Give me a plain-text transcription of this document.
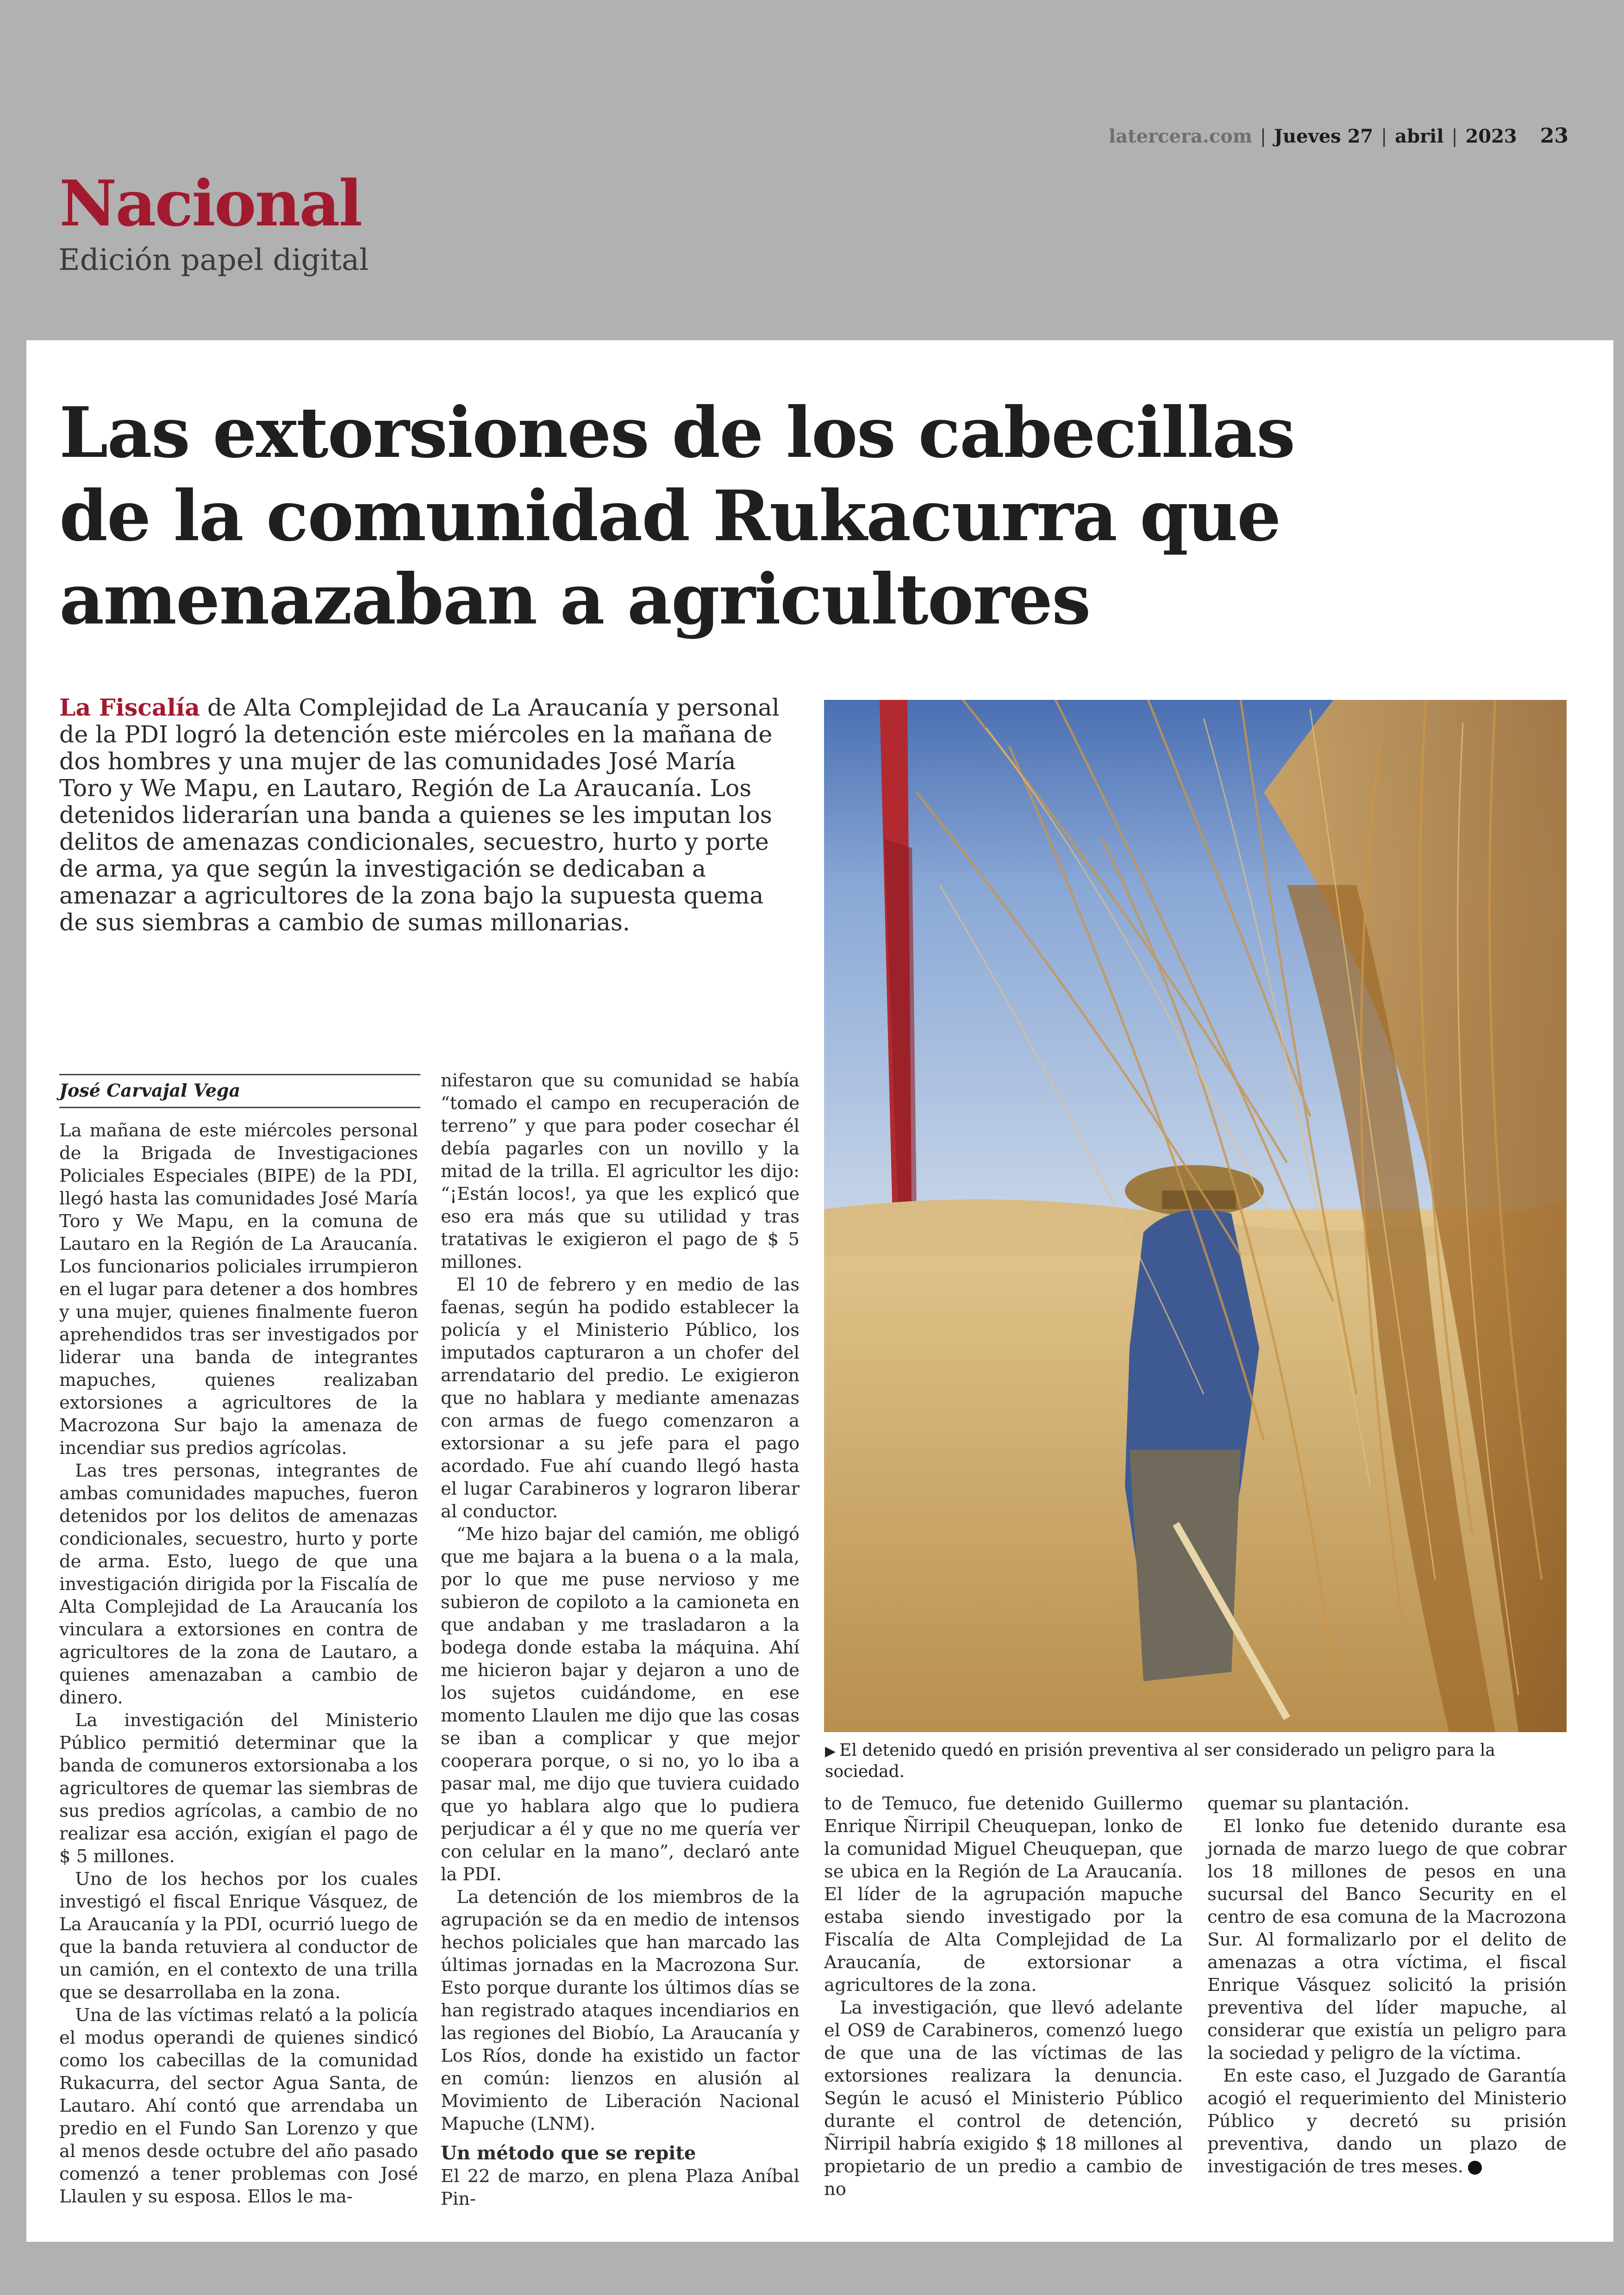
latercera.com | Jueves 27 | abril | 2023 23
Nacional
Edición papel digital
Las extorsiones de los cabecillas de la comunidad Rukacurra que amenazaban a agricultores

La Fiscalía de Alta Complejidad de La Araucanía y personal de la PDI logró la detención este miércoles en la mañana de dos hombres y una mujer de las comunidades José María Toro y We Mapu, en Lautaro, Región de La Araucanía. Los detenidos liderarían una banda a quienes se les imputan los delitos de amenazas condicionales, secuestro, hurto y porte de arma, ya que según la investigación se dedicaban a amenazar a agricultores de la zona bajo la supuesta quema de sus siembras a cambio de sumas millonarias.

▶ El detenido quedó en prisión preventiva al ser considerado un peligro para la sociedad.

José Carvajal Vega

La mañana de este miércoles personal de la Brigada de Investigaciones Policiales Especiales (BIPE) de la PDI, llegó hasta las comunidades José María Toro y We Mapu, en la comuna de Lautaro en la Región de La Araucanía. Los funcionarios policiales irrumpieron en el lugar para detener a dos hombres y una mujer, quienes finalmente fueron aprehendidos tras ser investigados por liderar una banda de integrantes mapuches, quienes realizaban extorsiones a agricultores de la Macrozona Sur bajo la amenaza de incendiar sus predios agrícolas.

Las tres personas, integrantes de ambas comunidades mapuches, fueron detenidos por los delitos de amenazas condicionales, secuestro, hurto y porte de arma. Esto, luego de que una investigación dirigida por la Fiscalía de Alta Complejidad de La Araucanía los vinculara a extorsiones en contra de agricultores de la zona de Lautaro, a quienes amenazaban a cambio de dinero.

La investigación del Ministerio Público permitió determinar que la banda de comuneros extorsionaba a los agricultores de quemar las siembras de sus predios agrícolas, a cambio de no realizar esa acción, exigían el pago de $ 5 millones.

Uno de los hechos por los cuales investigó el fiscal Enrique Vásquez, de La Araucanía y la PDI, ocurrió luego de que la banda retuviera al conductor de un camión, en el contexto de una trilla que se desarrollaba en la zona.

Una de las víctimas relató a la policía el modus operandi de quienes sindicó como los cabecillas de la comunidad Rukacurra, del sector Agua Santa, de Lautaro. Ahí contó que arrendaba un predio en el Fundo San Lorenzo y que al menos desde octubre del año pasado comenzó a tener problemas con José Llaulen y su esposa. Ellos le ma-

nifestaron que su comunidad se había “tomado el campo en recuperación de terreno” y que para poder cosechar él debía pagarles con un novillo y la mitad de la trilla. El agricultor les dijo: “¡Están locos!, ya que les explicó que eso era más que su utilidad y tras tratativas le exigieron el pago de $ 5 millones.

El 10 de febrero y en medio de las faenas, según ha podido establecer la policía y el Ministerio Público, los imputados capturaron a un chofer del arrendatario del predio. Le exigieron que no hablara y mediante amenazas con armas de fuego comenzaron a extorsionar a su jefe para el pago acordado. Fue ahí cuando llegó hasta el lugar Carabineros y lograron liberar al conductor.

“Me hizo bajar del camión, me obligó que me bajara a la buena o a la mala, por lo que me puse nervioso y me subieron de copiloto a la camioneta en que andaban y me trasladaron a la bodega donde estaba la máquina. Ahí me hicieron bajar y dejaron a uno de los sujetos cuidándome, en ese momento Llaulen me dijo que las cosas se iban a complicar y que mejor cooperara porque, o si no, yo lo iba a pasar mal, me dijo que tuviera cuidado que yo hablara algo que lo pudiera perjudicar a él y que no me quería ver con celular en la mano”, declaró ante la PDI.

La detención de los miembros de la agrupación se da en medio de intensos hechos policiales que han marcado las últimas jornadas en la Macrozona Sur. Esto porque durante los últimos días se han registrado ataques incendiarios en las regiones del Biobío, La Araucanía y Los Ríos, donde ha existido un factor en común: lienzos en alusión al Movimiento de Liberación Nacional Mapuche (LNM).

Un método que se repite

El 22 de marzo, en plena Plaza Aníbal Pin-

to de Temuco, fue detenido Guillermo Enrique Ñirripil Cheuquepan, lonko de la comunidad Miguel Cheuquepan, que se ubica en la Región de La Araucanía. El líder de la agrupación mapuche estaba siendo investigado por la Fiscalía de Alta Complejidad de La Araucanía, de extorsionar a agricultores de la zona.

La investigación, que llevó adelante el OS9 de Carabineros, comenzó luego de que una de las víctimas de las extorsiones realizara la denuncia. Según le acusó el Ministerio Público durante el control de detención, Ñirripil habría exigido $ 18 millones al propietario de un predio a cambio de no

quemar su plantación.

El lonko fue detenido durante esa jornada de marzo luego de que cobrar los 18 millones de pesos en una sucursal del Banco Security en el centro de esa comuna de la Macrozona Sur. Al formalizarlo por el delito de amenazas a otra víctima, el fiscal Enrique Vásquez solicitó la prisión preventiva del líder mapuche, al considerar que existía un peligro para la sociedad y peligro de la víctima.

En este caso, el Juzgado de Garantía acogió el requerimiento del Ministerio Público y decretó su prisión preventiva, dando un plazo de investigación de tres meses.
